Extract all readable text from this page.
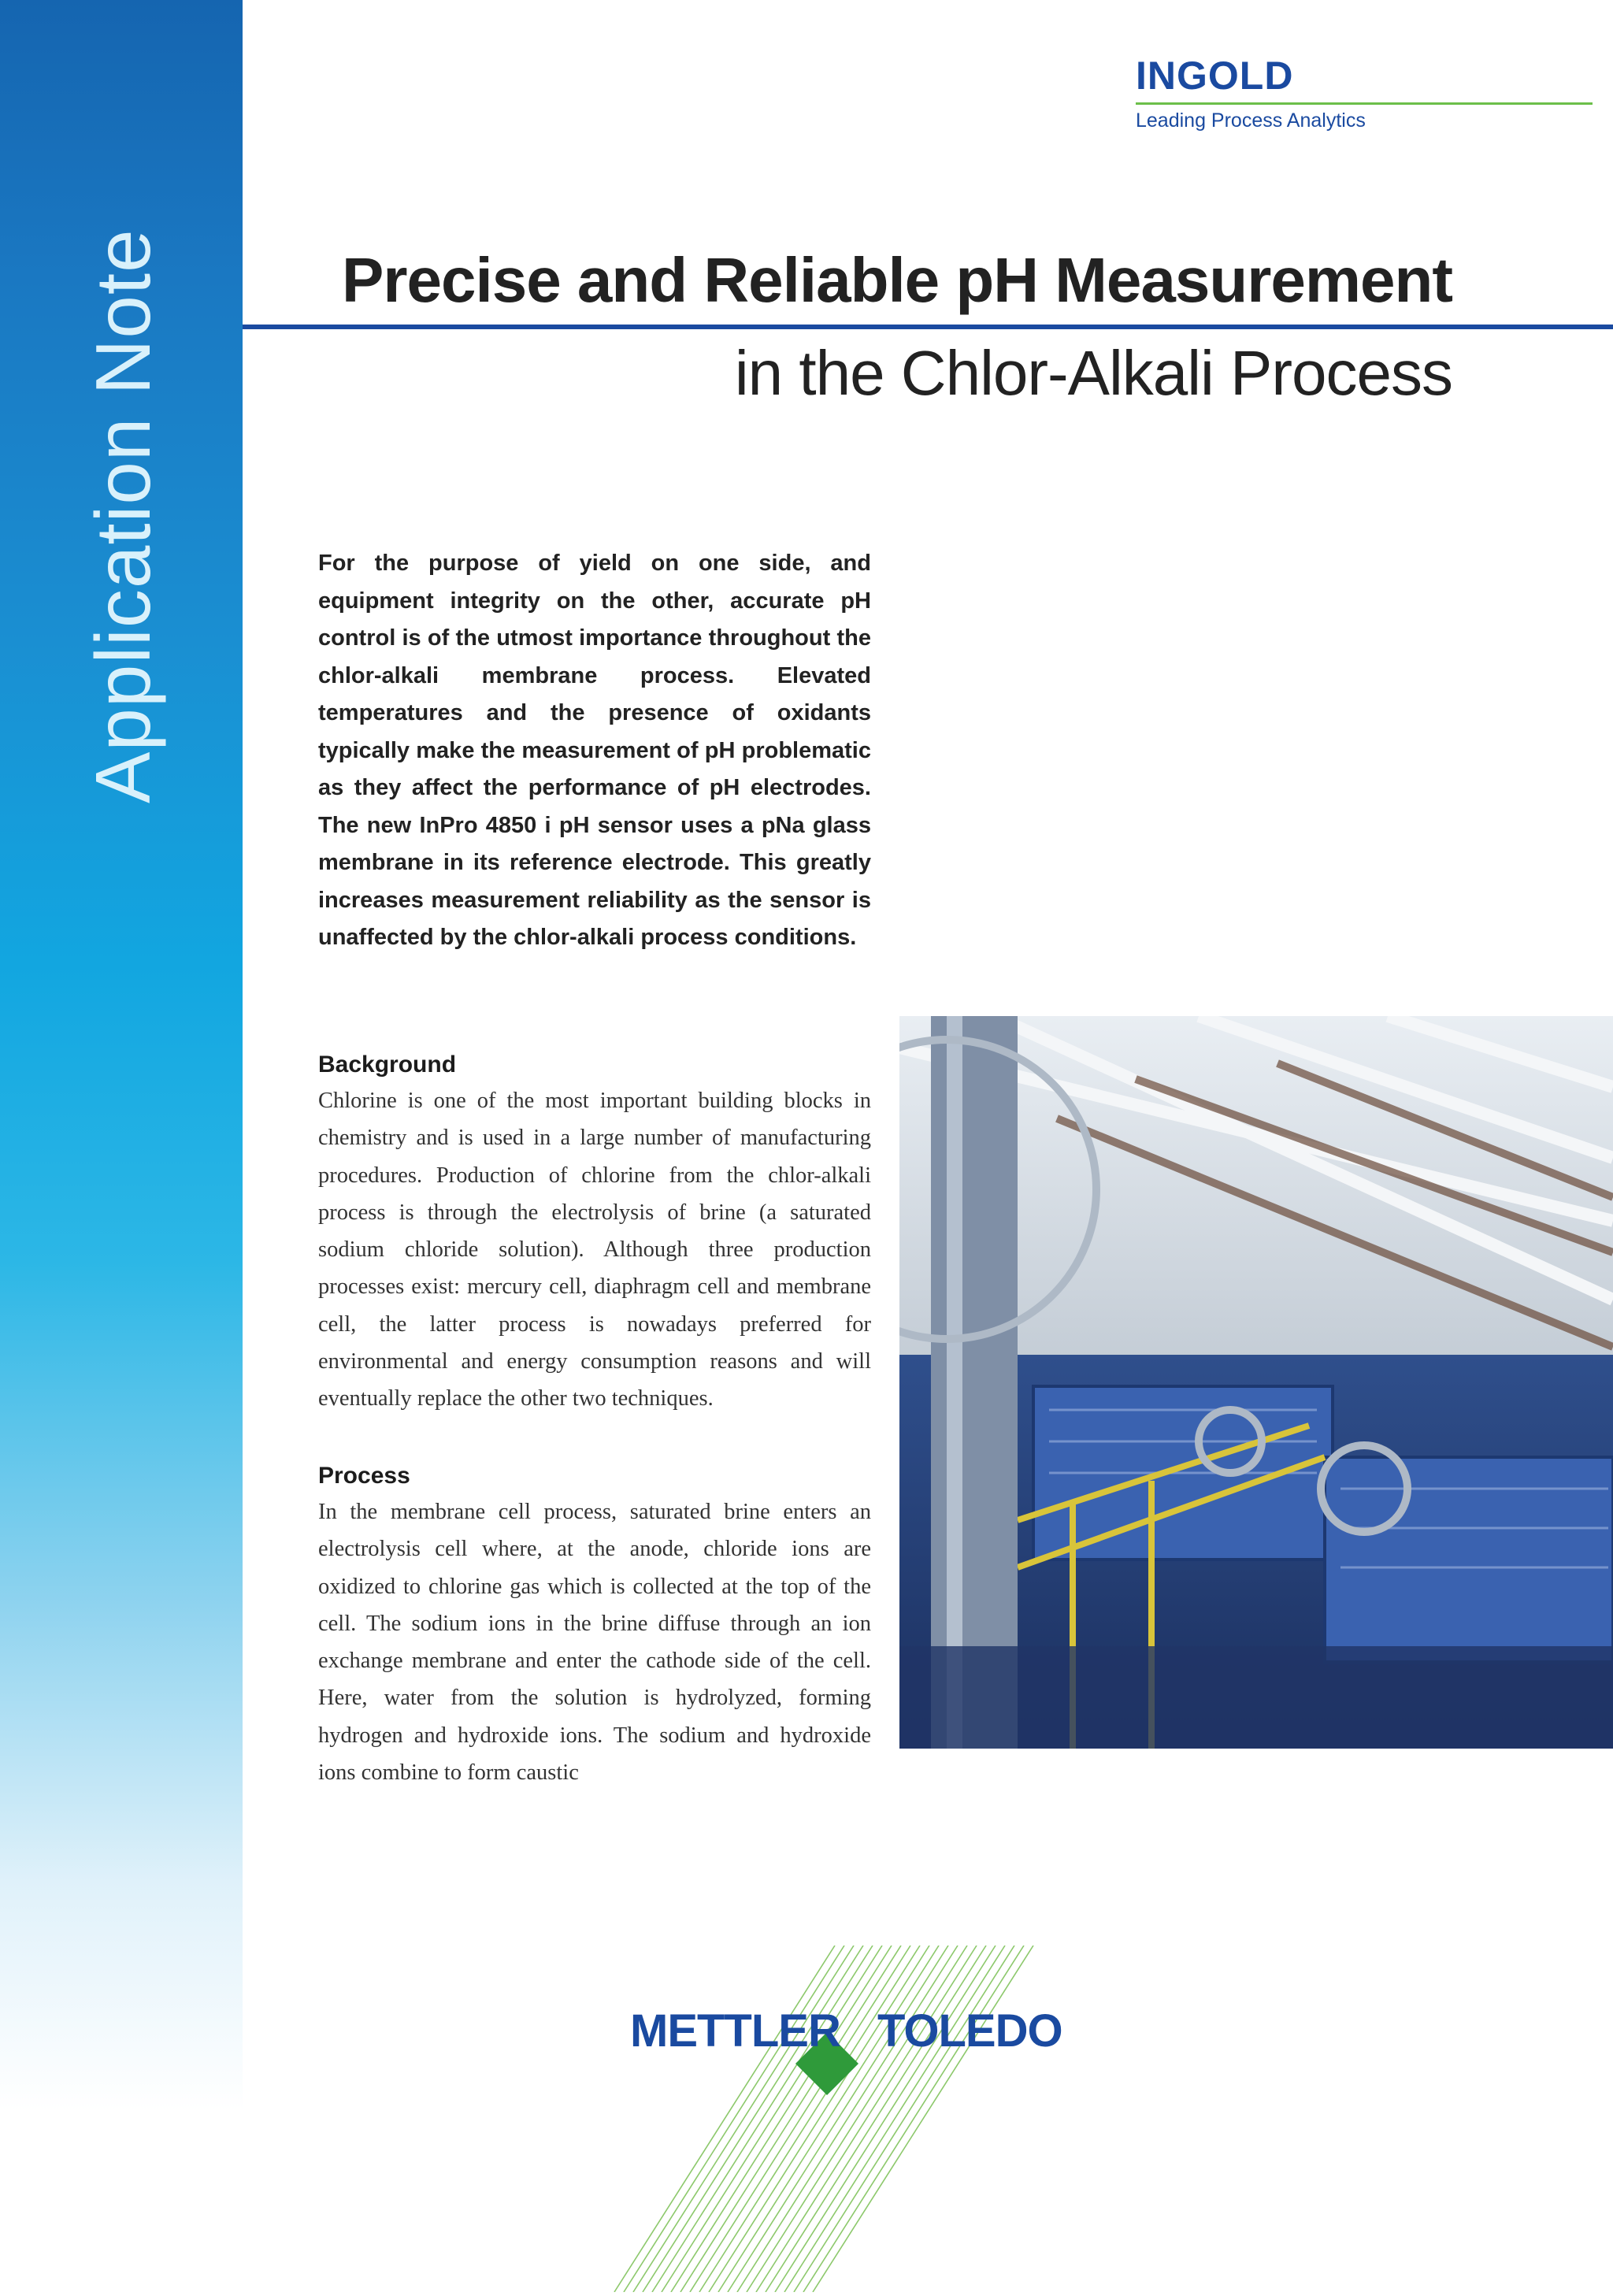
Application Note
INGOLD
Leading Process Analytics
Precise and Reliable pH Measurement
in the Chlor-Alkali Process

For the purpose of yield on one side, and equipment integrity on the other, accurate pH control is of the utmost importance throughout the chlor-alkali membrane process. Elevated temperatures and the presence of oxidants typically make the measurement of pH problematic as they affect the performance of pH electrodes. The new InPro 4850 i pH sensor uses a pNa glass membrane in its reference electrode. This greatly increases measurement reliability as the sensor is unaffected by the chlor-alkali process conditions.

Background

Chlorine is one of the most important building blocks in chemistry and is used in a large number of manufacturing procedures. Production of chlorine from the chlor-alkali process is through the electrolysis of brine (a saturated sodium chloride solution). Although three production processes exist: mercury cell, diaphragm cell and membrane cell, the latter process is nowadays preferred for environmental and energy consumption reasons and will eventually replace the other two techniques.

Process

In the membrane cell process, saturated brine enters an electrolysis cell where, at the anode, chloride ions are oxidized to chlorine gas which is collected at the top of the cell. The sodium ions in the brine diffuse through an ion exchange membrane and enter the cathode side of the cell. Here, water from the solution is hydrolyzed, forming hydrogen and hydroxide ions. The sodium and hydroxide ions combine to form caustic

METTLER TOLEDO
